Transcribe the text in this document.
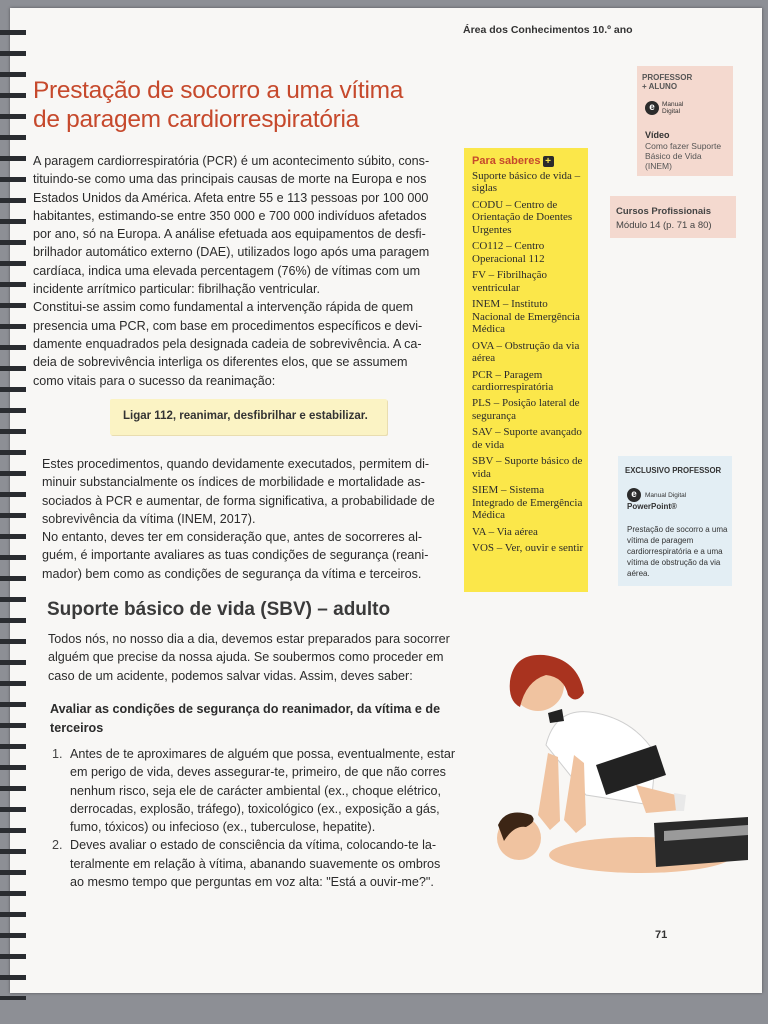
Área dos Conhecimentos 10.º ano
Prestação de socorro a uma vítima
de paragem cardiorrespiratória
A paragem cardiorrespiratória (PCR) é um acontecimento súbito, cons-
tituindo-se como uma das principais causas de morte na Europa e nos
Estados Unidos da América. Afeta entre 55 e 113 pessoas por 100 000
habitantes, estimando-se entre 350 000 e 700 000 indivíduos afetados
por ano, só na Europa. A análise efetuada aos equipamentos de desfi-
brilhador automático externo (DAE), utilizados logo após uma paragem
cardíaca, indica uma elevada percentagem (76%) de vítimas com um
incidente arrítmico particular: fibrilhação ventricular.
Constitui-se assim como fundamental a intervenção rápida de quem
presencia uma PCR, com base em procedimentos específicos e devi-
damente enquadrados pela designada cadeia de sobrevivência. A ca-
deia de sobrevivência interliga os diferentes elos, que se assumem
como vitais para o sucesso da reanimação:
Ligar 112, reanimar, desfibrilhar e estabilizar.
Estes procedimentos, quando devidamente executados, permitem di-
minuir substancialmente os índices de morbilidade e mortalidade as-
sociados à PCR e aumentar, de forma significativa, a probabilidade de
sobrevivência da vítima (INEM, 2017).
No entanto, deves ter em consideração que, antes de socorreres al-
guém, é importante avaliares as tuas condições de segurança (reani-
mador) bem como as condições de segurança da vítima e terceiros.
Suporte básico de vida (SBV) – adulto
Todos nós, no nosso dia a dia, devemos estar preparados para socorrer
alguém que precise da nossa ajuda. Se soubermos como proceder em
caso de um acidente, podemos salvar vidas. Assim, deves saber:
Avaliar as condições de segurança do reanimador, da vítima e de
terceiros
1. Antes de te aproximares de alguém que possa, eventualmente, estar
em perigo de vida, deves assegurar-te, primeiro, de que não corres
nenhum risco, seja ele de carácter ambiental (ex., choque elétrico,
derrocadas, explosão, tráfego), toxicológico (ex., exposição a gás,
fumo, tóxicos) ou infecioso (ex., tuberculose, hepatite).
2. Deves avaliar o estado de consciência da vítima, colocando-te la-
teralmente em relação à vítima, abanando suavemente os ombros
ao mesmo tempo que perguntas em voz alta: "Está a ouvir-me?".
Para saberes +
Suporte básico de vida – siglas
CODU – Centro de Orientação de Doentes Urgentes
CO112 – Centro Operacional 112
FV – Fibrilhação ventricular
INEM – Instituto Nacional de Emergência Médica
OVA – Obstrução da via aérea
PCR – Paragem cardiorrespiratória
PLS – Posição lateral de segurança
SAV – Suporte avançado de vida
SBV – Suporte básico de vida
SIEM – Sistema Integrado de Emergência Médica
VA – Via aérea
VOS – Ver, ouvir e sentir
PROFESSOR
+ ALUNO
e	Manual
Digital
Vídeo
Como fazer Suporte Básico de Vida (INEM)
Cursos Profissionais
Módulo 14 (p. 71 a 80)
EXCLUSIVO PROFESSOR
e	Manual Digital
PowerPoint®
Prestação de socorro a uma vítima de paragem cardiorrespiratória e a uma vítima de obstrução da via aérea.
71
